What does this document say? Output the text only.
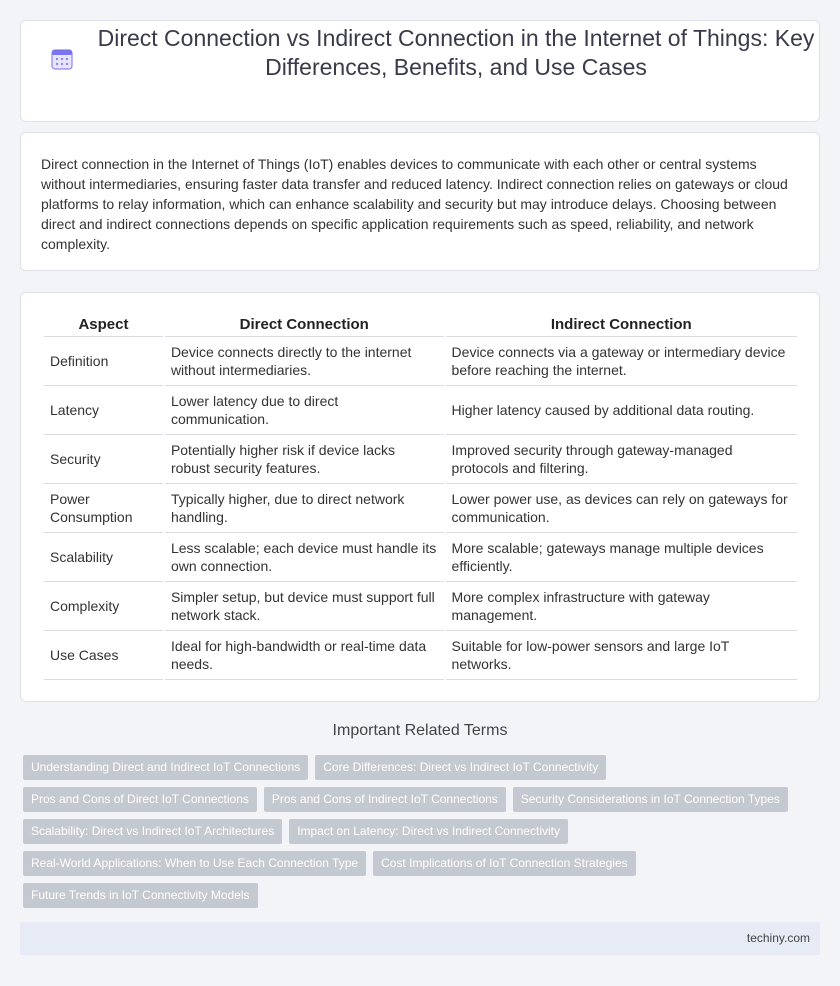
Direct Connection vs Indirect Connection in the Internet of Things: Key Differences, Benefits, and Use Cases

Direct connection in the Internet of Things (IoT) enables devices to communicate with each other or central systems without intermediaries, ensuring faster data transfer and reduced latency. Indirect connection relies on gateways or cloud platforms to relay information, which can enhance scalability and security but may introduce delays. Choosing between direct and indirect connections depends on specific application requirements such as speed, reliability, and network complexity.

Aspect	Direct Connection	Indirect Connection
Definition	Device connects directly to the internet without intermediaries.	Device connects via a gateway or intermediary device before reaching the internet.
Latency	Lower latency due to direct communication.	Higher latency caused by additional data routing.
Security	Potentially higher risk if device lacks robust security features.	Improved security through gateway-managed protocols and filtering.
Power Consumption	Typically higher, due to direct network handling.	Lower power use, as devices can rely on gateways for communication.
Scalability	Less scalable; each device must handle its own connection.	More scalable; gateways manage multiple devices efficiently.
Complexity	Simpler setup, but device must support full network stack.	More complex infrastructure with gateway management.
Use Cases	Ideal for high-bandwidth or real-time data needs.	Suitable for low-power sensors and large IoT networks.
Important Related Terms
Understanding Direct and Indirect IoT Connections	Core Differences: Direct vs Indirect IoT Connectivity
Pros and Cons of Direct IoT Connections	Pros and Cons of Indirect IoT Connections	Security Considerations in IoT Connection Types
Scalability: Direct vs Indirect IoT Architectures	Impact on Latency: Direct vs Indirect Connectivity
Real-World Applications: When to Use Each Connection Type	Cost Implications of IoT Connection Strategies
Future Trends in IoT Connectivity Models
techiny.com
